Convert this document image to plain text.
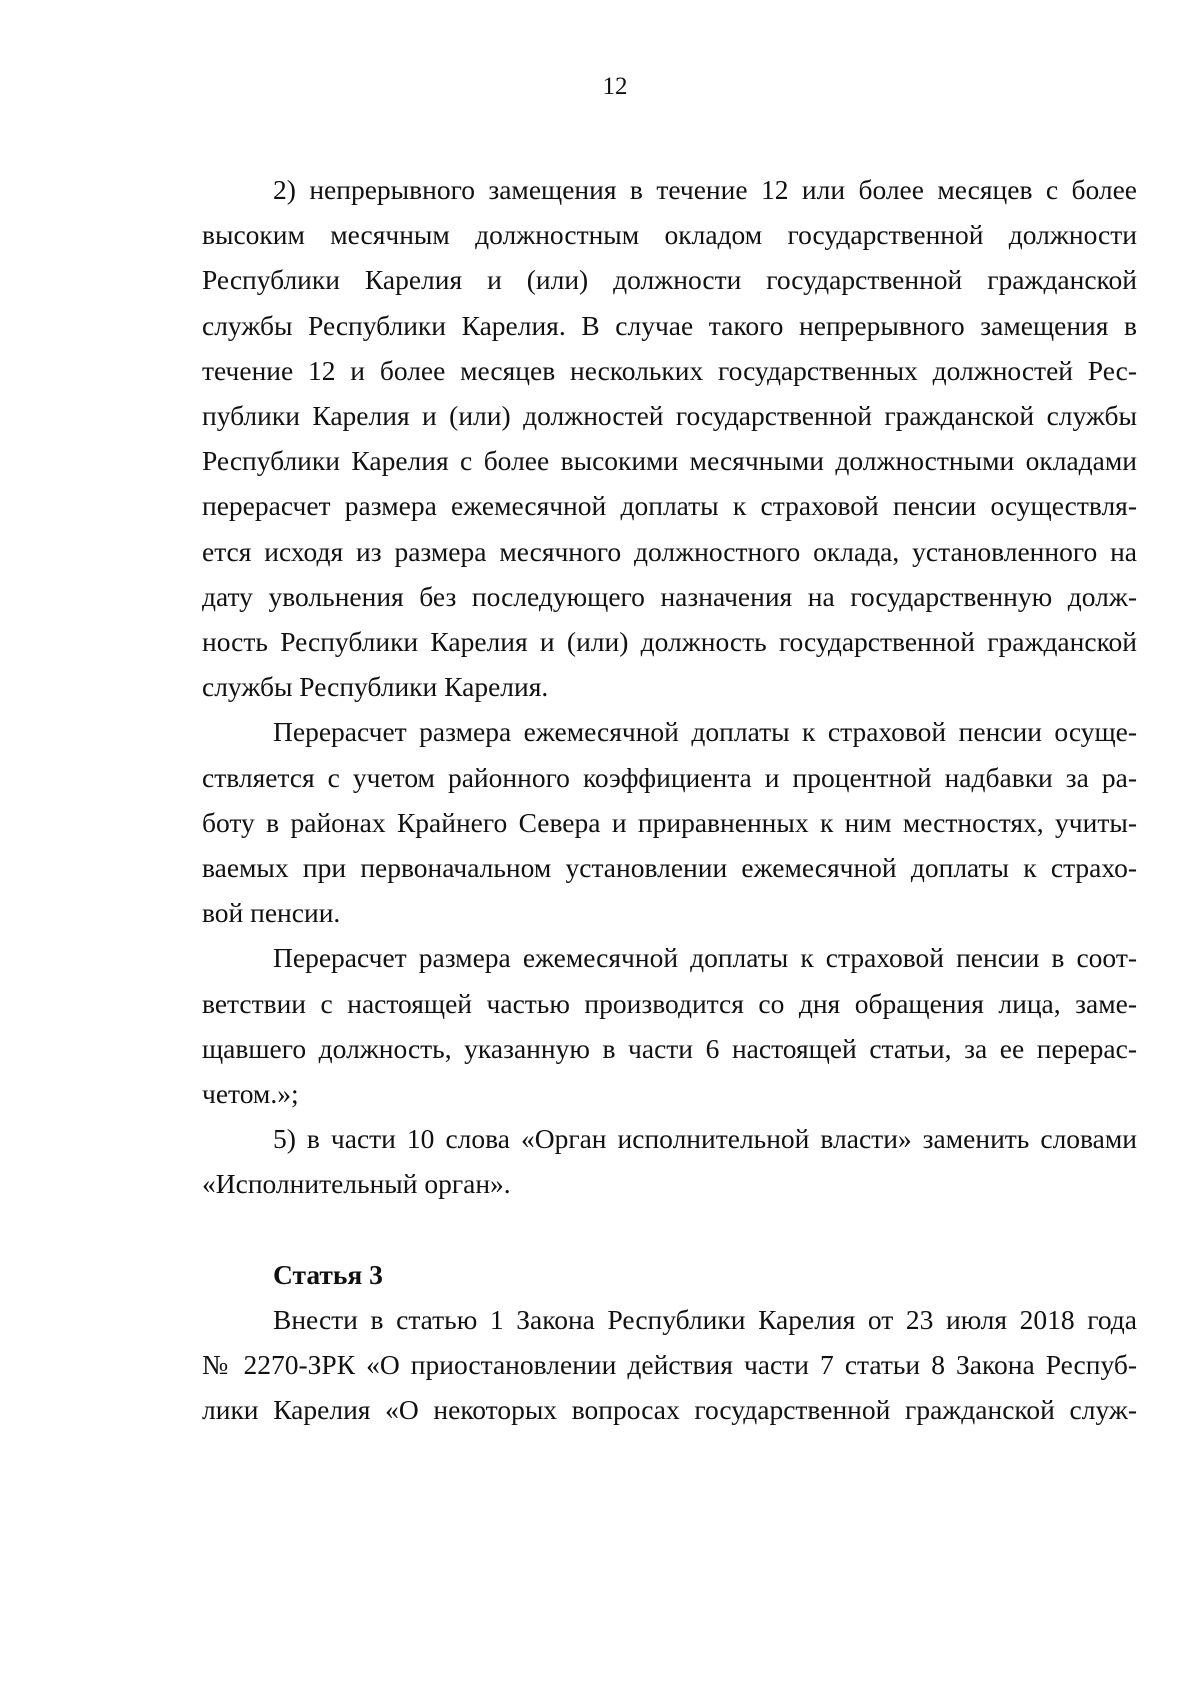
12
2) непрерывного замещения в течение 12 или более месяцев с более
высоким месячным должностным окладом государственной должности
Республики Карелия и (или) должности государственной гражданской
службы Республики Карелия. В случае такого непрерывного замещения в
течение 12 и более месяцев нескольких государственных должностей Рес-
публики Карелия и (или) должностей государственной гражданской службы
Республики Карелия с более высокими месячными должностными окладами
перерасчет размера ежемесячной доплаты к страховой пенсии осуществля-
ется исходя из размера месячного должностного оклада, установленного на
дату увольнения без последующего назначения на государственную долж-
ность Республики Карелия и (или) должность государственной гражданской
службы Республики Карелия.
Перерасчет размера ежемесячной доплаты к страховой пенсии осуще-
ствляется с учетом районного коэффициента и процентной надбавки за ра-
боту в районах Крайнего Севера и приравненных к ним местностях, учиты-
ваемых при первоначальном установлении ежемесячной доплаты к страхо-
вой пенсии.
Перерасчет размера ежемесячной доплаты к страховой пенсии в соот-
ветствии с настоящей частью производится со дня обращения лица, заме-
щавшего должность, указанную в части 6 настоящей статьи, за ее перерас-
четом.»;
5) в части 10 слова «Орган исполнительной власти» заменить словами
«Исполнительный орган».
Статья 3
Внести в статью 1 Закона Республики Карелия от 23 июля 2018 года
№ 2270-ЗРК «О приостановлении действия части 7 статьи 8 Закона Респуб-
лики Карелия «О некоторых вопросах государственной гражданской служ-
